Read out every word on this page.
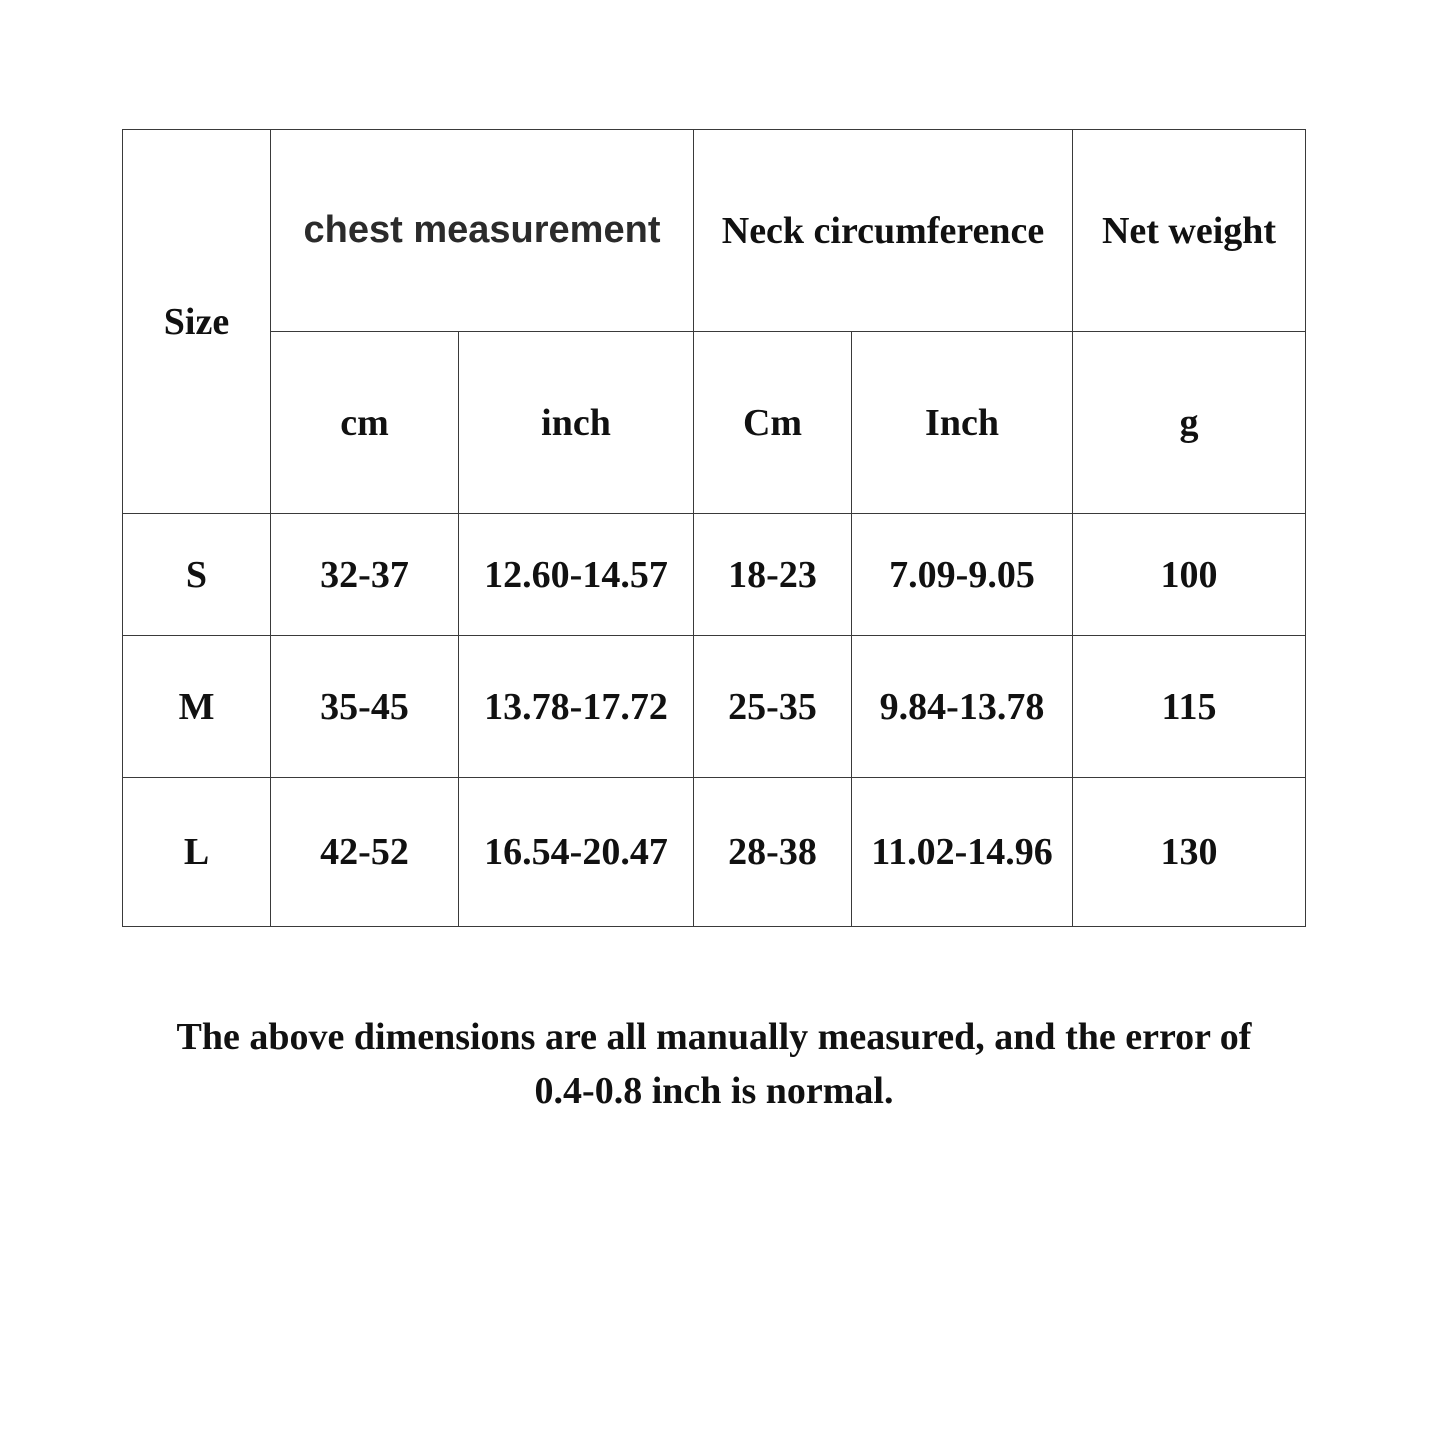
Size	chest measurement		Neck circumference		Net weight
	cm	inch	Cm	Inch	g
S	32-37	12.60-14.57	18-23	7.09-9.05	100
M	35-45	13.78-17.72	25-35	9.84-13.78	115
L	42-52	16.54-20.47	28-38	11.02-14.96	130
The above dimensions are all manually measured, and the error of
0.4-0.8 inch is normal.
